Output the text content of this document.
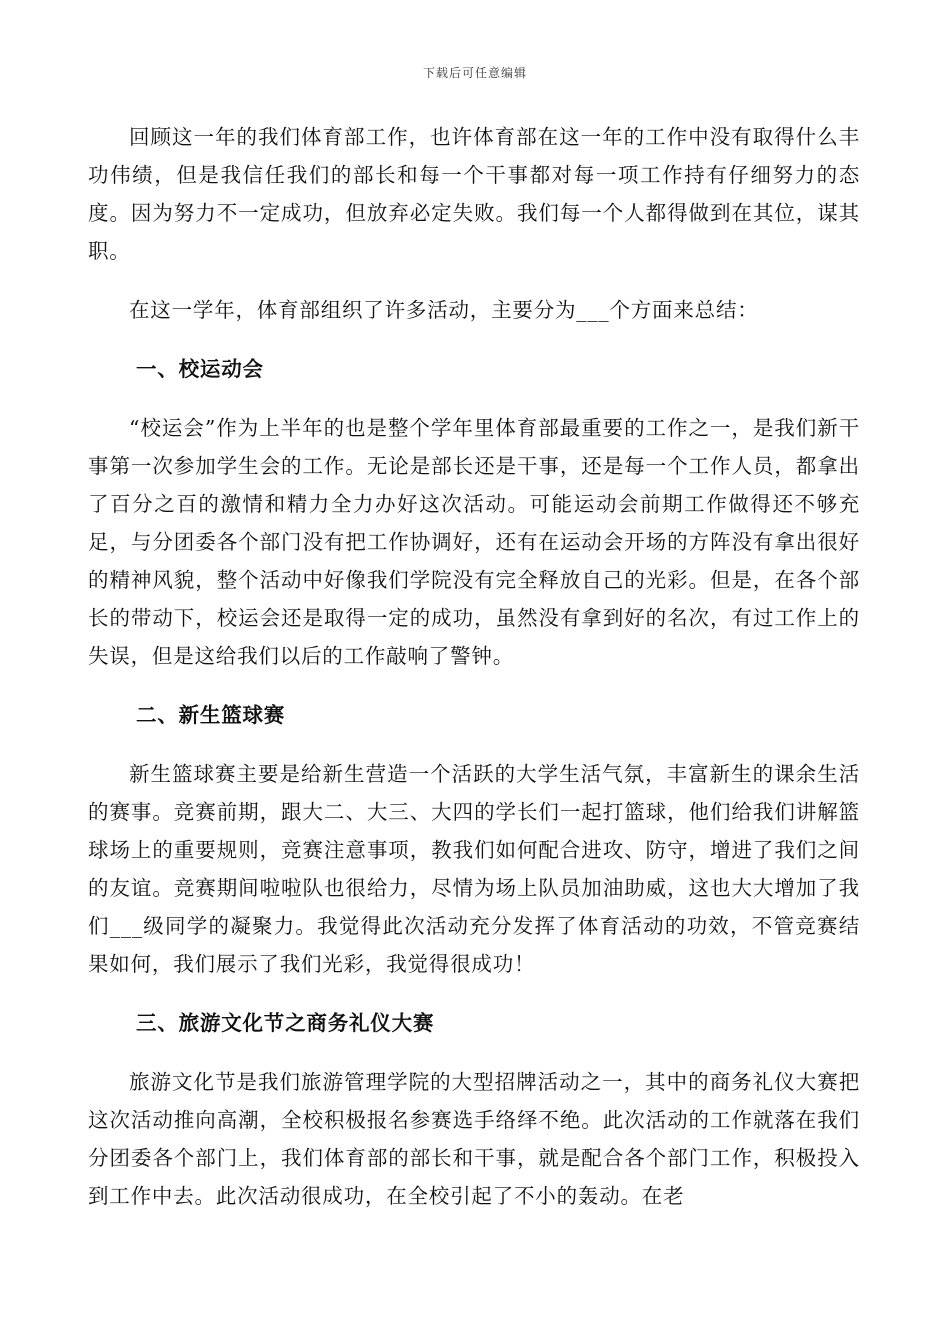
下载后可任意编辑

回顾这一年的我们体育部工作，也许体育部在这一年的工作中没有取得什么丰功伟绩，但是我信任我们的部长和每一个干事都对每一项工作持有仔细努力的态度。因为努力不一定成功，但放弃必定失败。我们每一个人都得做到在其位，谋其职。

在这一学年，体育部组织了许多活动，主要分为___个方面来总结：

一、校运动会

“校运会”作为上半年的也是整个学年里体育部最重要的工作之一，是我们新干事第一次参加学生会的工作。无论是部长还是干事，还是每一个工作人员，都拿出了百分之百的激情和精力全力办好这次活动。可能运动会前期工作做得还不够充足，与分团委各个部门没有把工作协调好，还有在运动会开场的方阵没有拿出很好的精神风貌，整个活动中好像我们学院没有完全释放自己的光彩。但是，在各个部长的带动下，校运会还是取得一定的成功，虽然没有拿到好的名次，有过工作上的失误，但是这给我们以后的工作敲响了警钟。

二、新生篮球赛

新生篮球赛主要是给新生营造一个活跃的大学生活气氛，丰富新生的课余生活的赛事。竞赛前期，跟大二、大三、大四的学长们一起打篮球，他们给我们讲解篮球场上的重要规则，竞赛注意事项，教我们如何配合进攻、防守，增进了我们之间的友谊。竞赛期间啦啦队也很给力，尽情为场上队员加油助威，这也大大增加了我们___级同学的凝聚力。我觉得此次活动充分发挥了体育活动的功效，不管竞赛结果如何，我们展示了我们光彩，我觉得很成功！

三、旅游文化节之商务礼仪大赛

旅游文化节是我们旅游管理学院的大型招牌活动之一，其中的商务礼仪大赛把这次活动推向高潮，全校积极报名参赛选手络绎不绝。此次活动的工作就落在我们分团委各个部门上，我们体育部的部长和干事，就是配合各个部门工作，积极投入到工作中去。此次活动很成功，在全校引起了不小的轰动。在老
